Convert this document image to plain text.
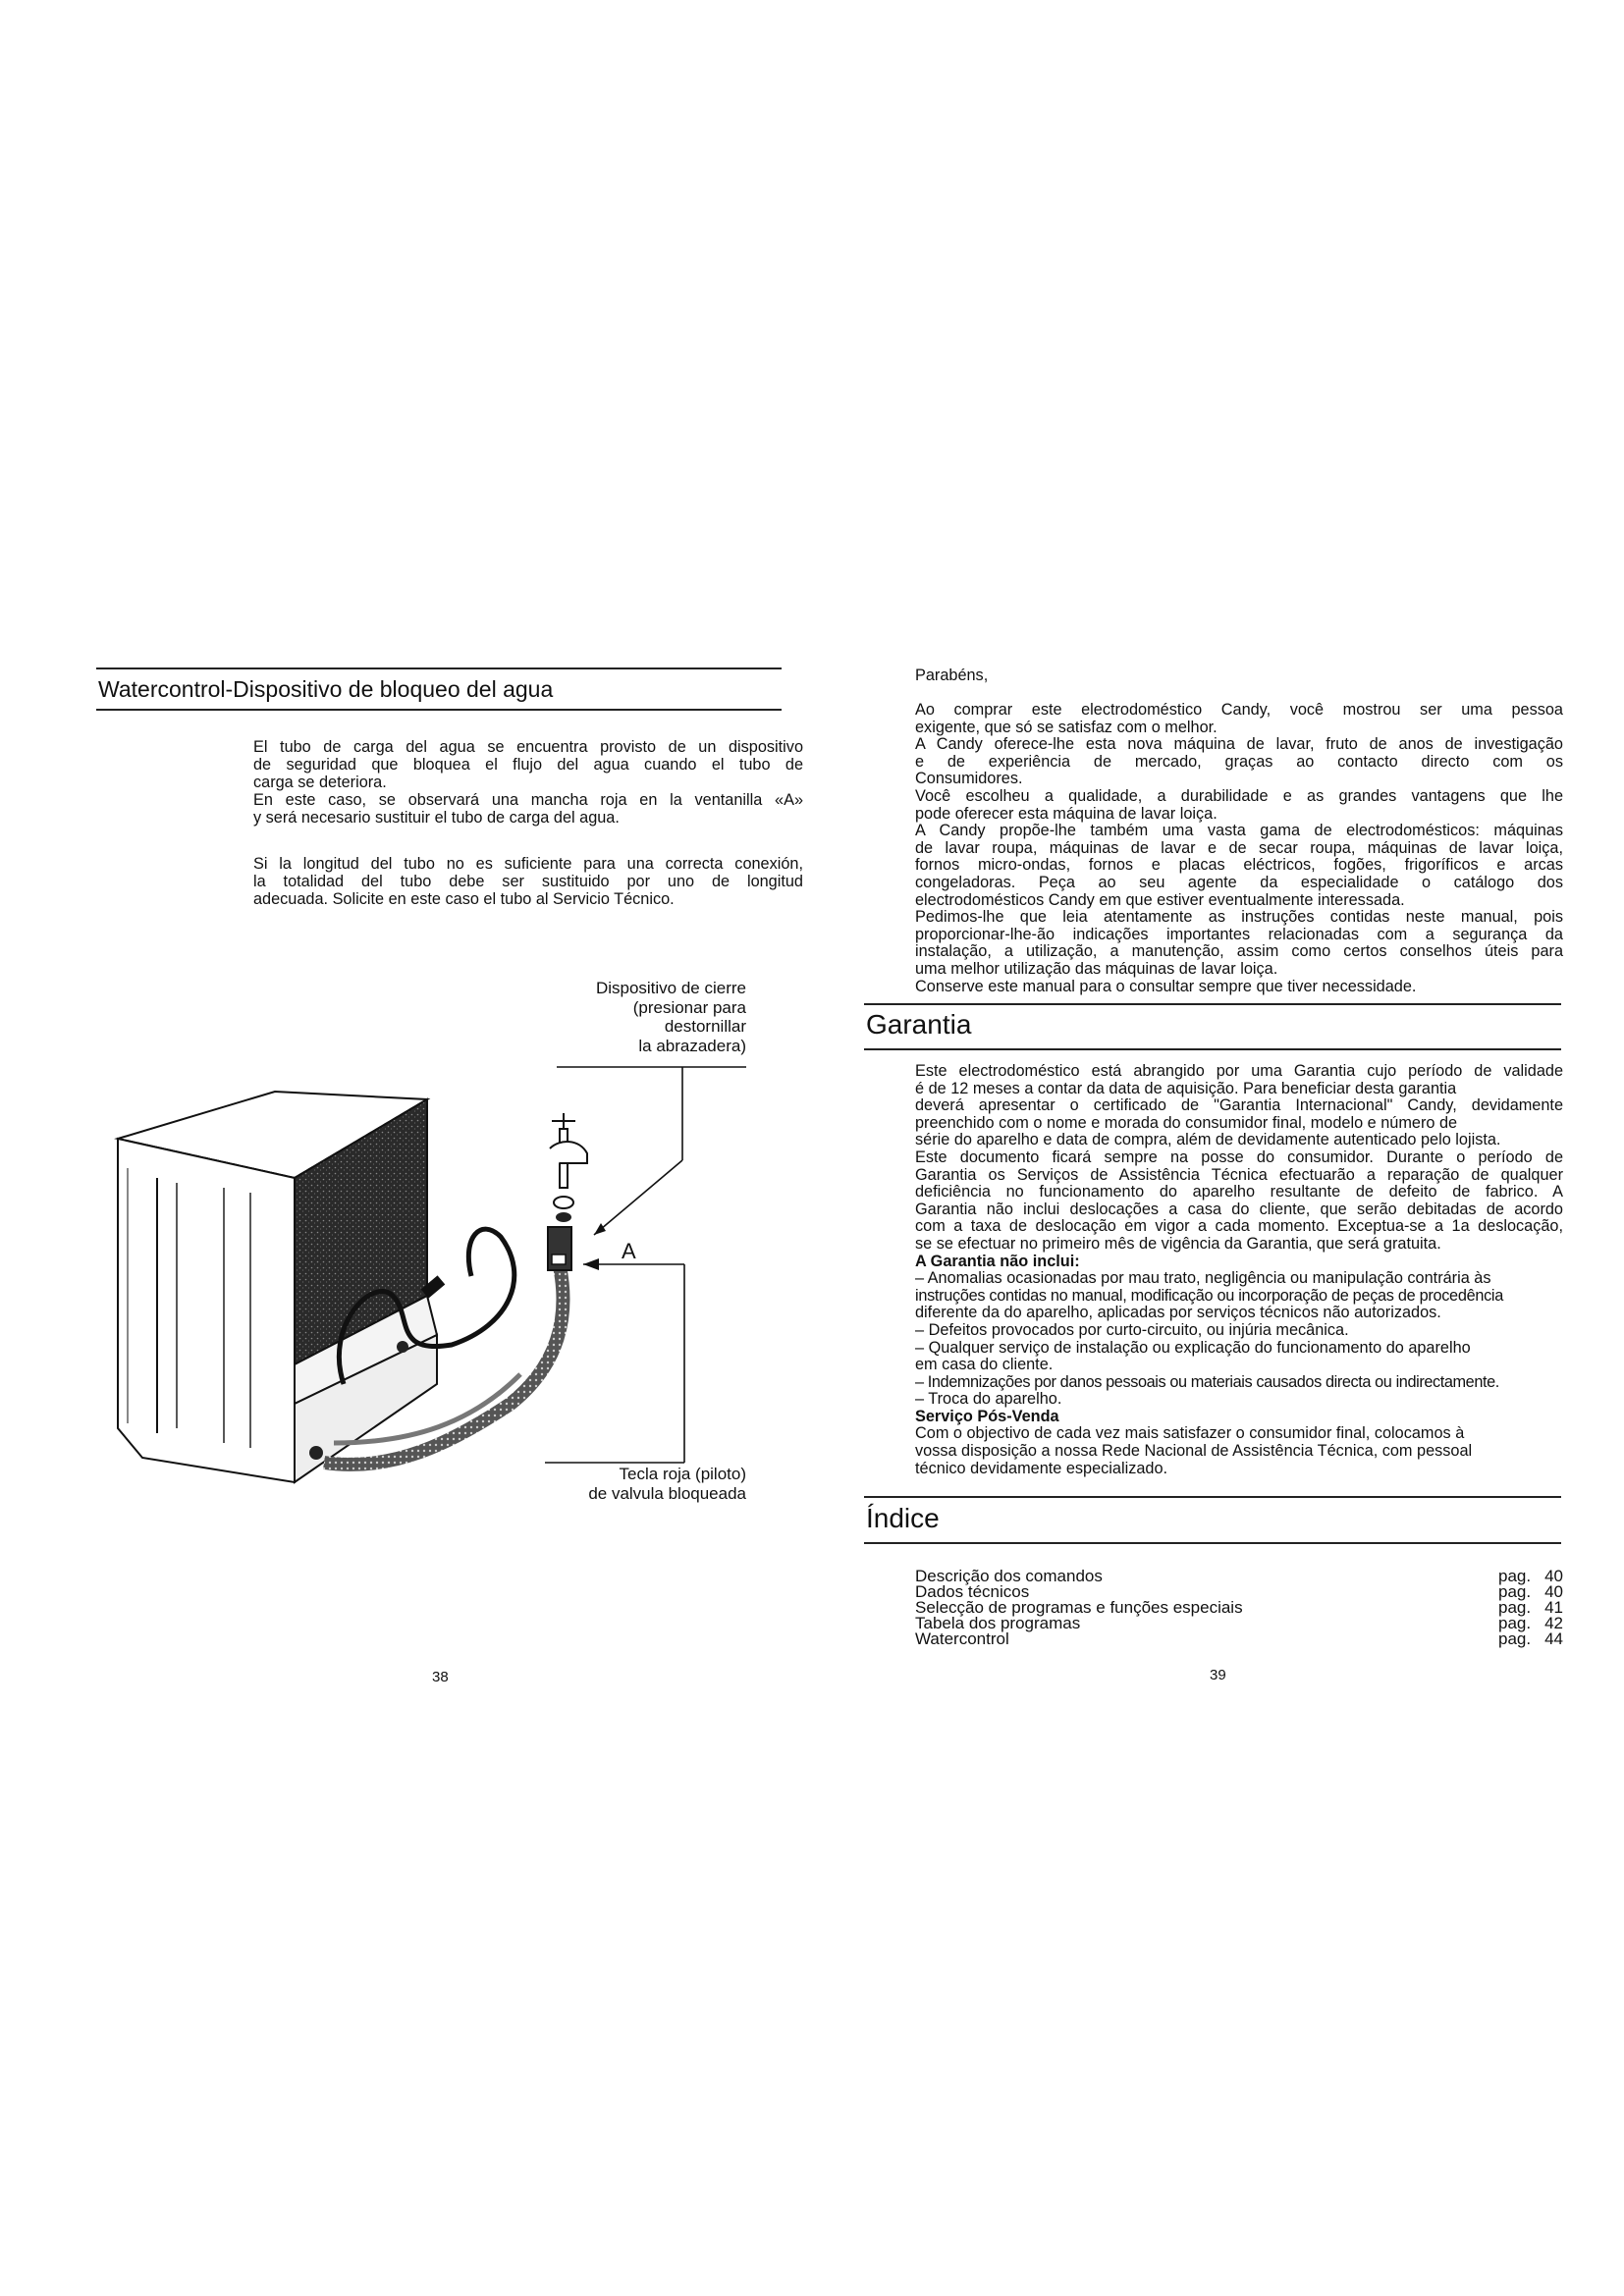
Watercontrol-Dispositivo de bloqueo del agua

El tubo de carga del agua se encuentra provisto de un dispositivo

de seguridad que bloquea el flujo del agua cuando el tubo de

carga se deteriora.

En este caso, se observará una mancha roja en la ventanilla «A»

y será necesario sustituir el tubo de carga del agua.

Si la longitud del tubo no es suficiente para una correcta conexión,

la totalidad del tubo debe ser sustituido por uno de longitud

adecuada. Solicite en este caso el tubo al Servicio Técnico.

Dispositivo de cierre

(presionar para

destornillar

la abrazadera)

A

Tecla roja (piloto)

de valvula bloqueada

38
Parabéns,

Ao comprar este electrodoméstico Candy, você mostrou ser uma pessoa

exigente, que só se satisfaz com o melhor.

A Candy oferece-lhe esta nova máquina de lavar, fruto de anos de investigação

e de experiência de mercado, graças ao contacto directo com os

Consumidores.

Você escolheu a qualidade, a durabilidade e as grandes vantagens que lhe

pode oferecer esta máquina de lavar loiça.

A Candy propõe-lhe também uma vasta gama de electrodomésticos: máquinas

de lavar roupa, máquinas de lavar e de secar roupa, máquinas de lavar loiça,

fornos micro-ondas, fornos e placas eléctricos, fogões, frigoríficos e arcas

congeladoras. Peça ao seu agente da especialidade o catálogo dos

electrodomésticos Candy em que estiver eventualmente interessada.

Pedimos-lhe que leia atentamente as instruções contidas neste manual, pois

proporcionar-lhe-ão indicações importantes relacionadas com a segurança da

instalação, a utilização, a manutenção, assim como certos conselhos úteis para

uma melhor utilização das máquinas de lavar loiça.

Conserve este manual para o consultar sempre que tiver necessidade.

Garantia

Este electrodoméstico está abrangido por uma Garantia cujo período de validade

é de 12 meses a contar da data de aquisição. Para beneficiar desta garantia

deverá apresentar o certificado de "Garantia Internacional" Candy, devidamente

preenchido com o nome e morada do consumidor final, modelo e número de

série do aparelho e data de compra, além de devidamente autenticado pelo lojista.

Este documento ficará sempre na posse do consumidor. Durante o período de

Garantia os Serviços de Assistência Técnica efectuarão a reparação de qualquer

deficiência no funcionamento do aparelho resultante de defeito de fabrico. A

Garantia não inclui deslocações a casa do cliente, que serão debitadas de acordo

com a taxa de deslocação em vigor a cada momento. Exceptua-se a 1a deslocação,

se se efectuar no primeiro mês de vigência da Garantia, que será gratuita.

A Garantia não inclui:

– Anomalias ocasionadas por mau trato, negligência ou manipulação contrária às

instruções contidas no manual, modificação ou incorporação de peças de procedência

diferente da do aparelho, aplicadas por serviços técnicos não autorizados.

– Defeitos provocados por curto-circuito, ou injúria mecânica.

– Qualquer serviço de instalação ou explicação do funcionamento do aparelho

em casa do cliente.

– Indemnizações por danos pessoais ou materiais causados directa ou indirectamente.

– Troca do aparelho.

Serviço Pós-Venda

Com o objectivo de cada vez mais satisfazer o consumidor final, colocamos à

vossa disposição a nossa Rede Nacional de Assistência Técnica, com pessoal

técnico devidamente especializado.

Índice
Descrição dos comandos	pag. 40
Dados técnicos	pag. 40
Selecção de programas e funções especiais	pag. 41
Tabela dos programas	pag. 42
Watercontrol	pag. 44
39
